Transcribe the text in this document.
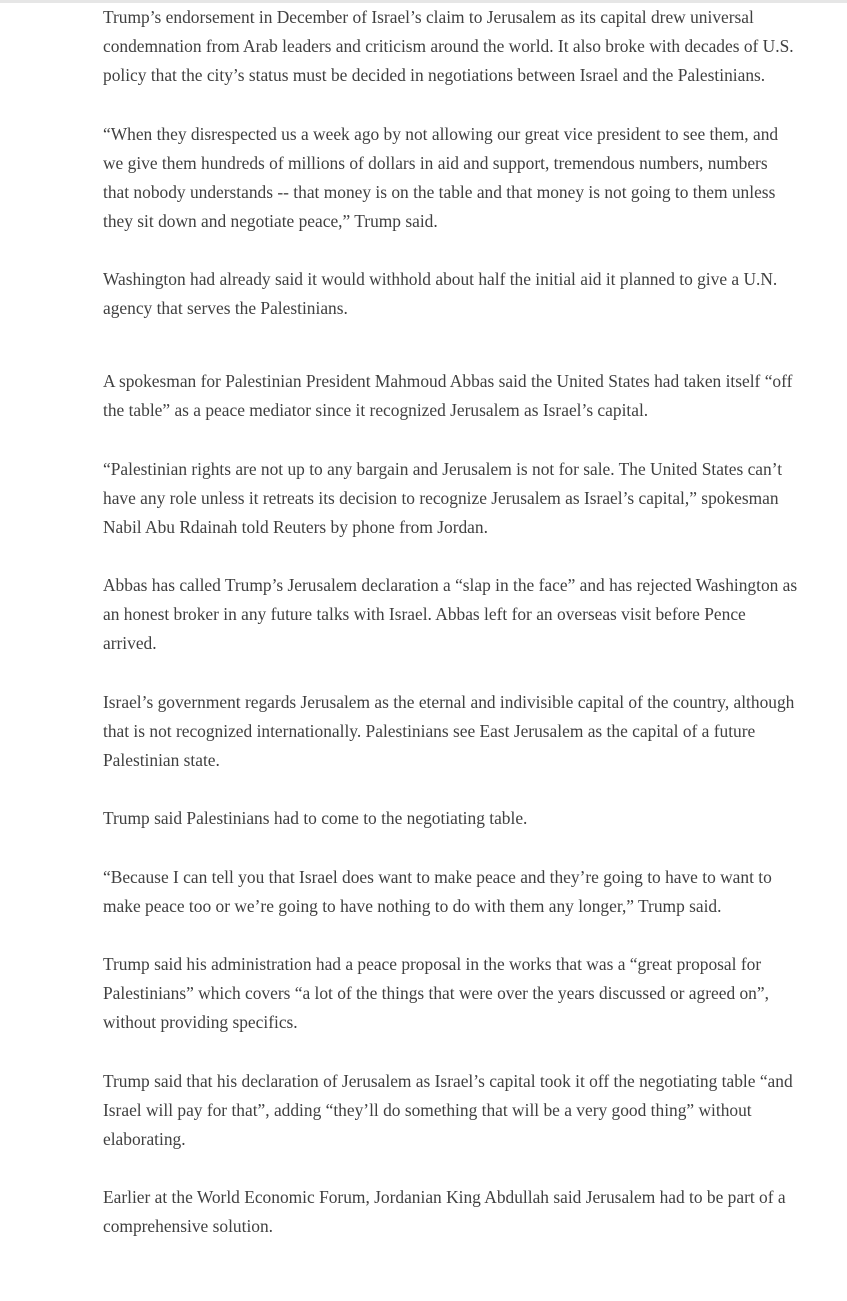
Trump’s endorsement in December of Israel’s claim to Jerusalem as its capital drew universal condemnation from Arab leaders and criticism around the world. It also broke with decades of U.S. policy that the city’s status must be decided in negotiations between Israel and the Palestinians.

“When they disrespected us a week ago by not allowing our great vice president to see them, and we give them hundreds of millions of dollars in aid and support, tremendous numbers, numbers that nobody understands -- that money is on the table and that money is not going to them unless they sit down and negotiate peace,” Trump said.

Washington had already said it would withhold about half the initial aid it planned to give a U.N. agency that serves the Palestinians.

A spokesman for Palestinian President Mahmoud Abbas said the United States had taken itself “off the table” as a peace mediator since it recognized Jerusalem as Israel’s capital.

“Palestinian rights are not up to any bargain and Jerusalem is not for sale. The United States can’t have any role unless it retreats its decision to recognize Jerusalem as Israel’s capital,” spokesman Nabil Abu Rdainah told Reuters by phone from Jordan.

Abbas has called Trump’s Jerusalem declaration a “slap in the face” and has rejected Washington as an honest broker in any future talks with Israel. Abbas left for an overseas visit before Pence arrived.

Israel’s government regards Jerusalem as the eternal and indivisible capital of the country, although that is not recognized internationally. Palestinians see East Jerusalem as the capital of a future Palestinian state.

Trump said Palestinians had to come to the negotiating table.

“Because I can tell you that Israel does want to make peace and they’re going to have to want to make peace too or we’re going to have nothing to do with them any longer,” Trump said.

Trump said his administration had a peace proposal in the works that was a “great proposal for Palestinians” which covers “a lot of the things that were over the years discussed or agreed on”, without providing specifics.

Trump said that his declaration of Jerusalem as Israel’s capital took it off the negotiating table “and Israel will pay for that”, adding “they’ll do something that will be a very good thing” without elaborating.

Earlier at the World Economic Forum, Jordanian King Abdullah said Jerusalem had to be part of a comprehensive solution.
